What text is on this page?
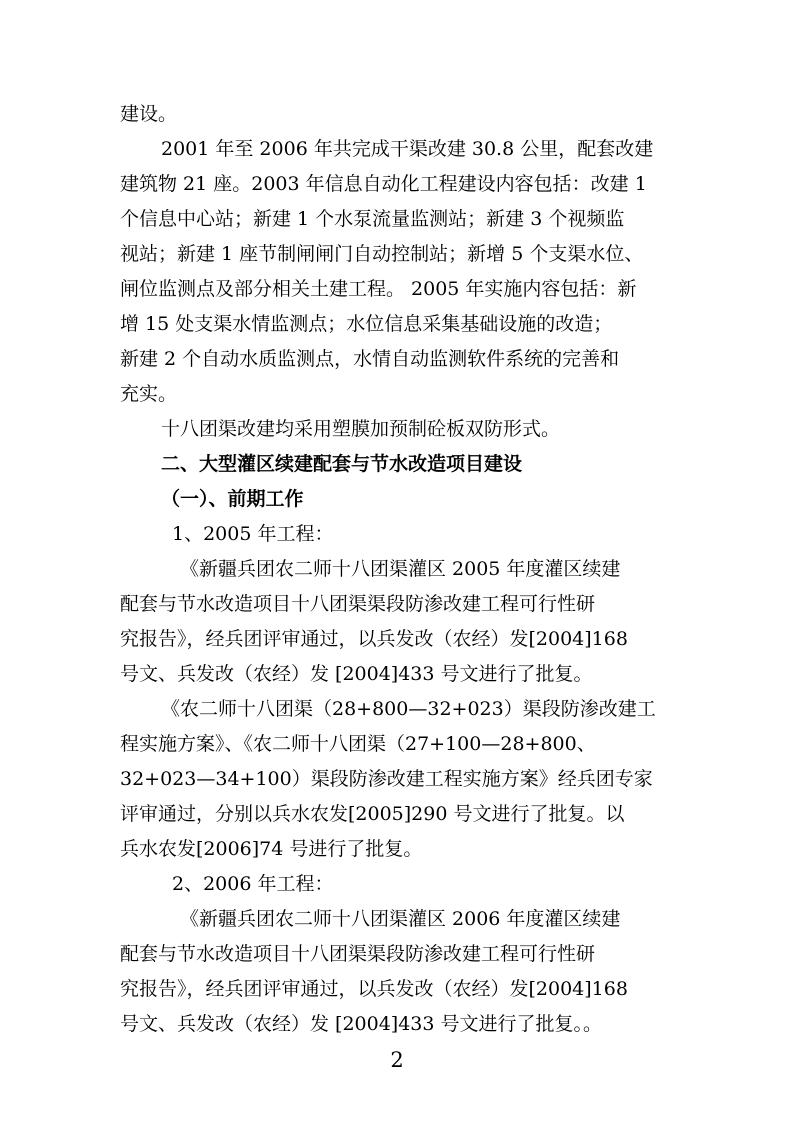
建设。
2001 年至 2006 年共完成干渠改建 30.8 公里，配套改建
建筑物 21 座。2003 年信息自动化工程建设内容包括：改建 1
个信息中心站；新建 1 个水泵流量监测站；新建 3 个视频监
视站；新建 1 座节制闸闸门自动控制站；新增 5 个支渠水位、
闸位监测点及部分相关土建工程。 2005 年实施内容包括：新
增 15 处支渠水情监测点；水位信息采集基础设施的改造；
新建 2 个自动水质监测点，水情自动监测软件系统的完善和
充实。
十八团渠改建均采用塑膜加预制砼板双防形式。
二、大型灌区续建配套与节水改造项目建设
（一）、前期工作
1、2005 年工程：
《新疆兵团农二师十八团渠灌区 2005 年度灌区续建
配套与节水改造项目十八团渠渠段防渗改建工程可行性研
究报告》，经兵团评审通过，以兵发改（农经）发[2004]168
号文、兵发改（农经）发 [2004]433 号文进行了批复。
《农二师十八团渠（28+800—32+023）渠段防渗改建工
程实施方案》、《农二师十八团渠（27+100—28+800、
32+023—34+100）渠段防渗改建工程实施方案》经兵团专家
评审通过，分别以兵水农发[2005]290 号文进行了批复。以
兵水农发[2006]74 号进行了批复。
2、2006 年工程：
《新疆兵团农二师十八团渠灌区 2006 年度灌区续建
配套与节水改造项目十八团渠渠段防渗改建工程可行性研
究报告》，经兵团评审通过，以兵发改（农经）发[2004]168
号文、兵发改（农经）发 [2004]433 号文进行了批复。。
2
